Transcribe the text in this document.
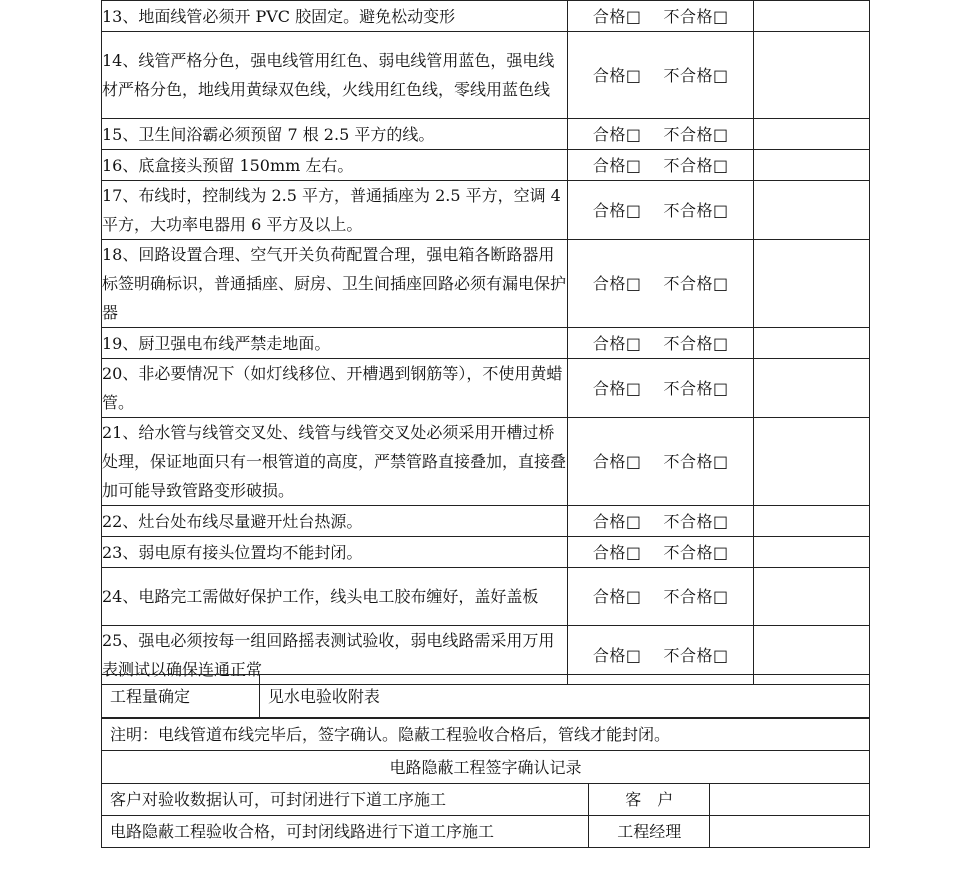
13、地面线管必须开 PVC 胶固定。避免松动变形	合格□ 不合格□	
14、线管严格分色，强电线管用红色、弱电线管用蓝色，强电线材严格分色，地线用黄绿双色线，火线用红色线，零线用蓝色线	合格□ 不合格□	
15、卫生间浴霸必须预留 7 根 2.5 平方的线。	合格□ 不合格□	
16、底盒接头预留 150mm 左右。	合格□ 不合格□	
17、布线时，控制线为 2.5 平方，普通插座为 2.5 平方，空调 4 平方，大功率电器用 6 平方及以上。	合格□ 不合格□	
18、回路设置合理、空气开关负荷配置合理，强电箱各断路器用标签明确标识，普通插座、厨房、卫生间插座回路必须有漏电保护器	合格□ 不合格□	
19、厨卫强电布线严禁走地面。	合格□ 不合格□	
20、非必要情况下（如灯线移位、开槽遇到钢筋等），不使用黄蜡管。	合格□ 不合格□	
21、给水管与线管交叉处、线管与线管交叉处必须采用开槽过桥处理，保证地面只有一根管道的高度，严禁管路直接叠加，直接叠加可能导致管路变形破损。	合格□ 不合格□	
22、灶台处布线尽量避开灶台热源。	合格□ 不合格□	
23、弱电原有接头位置均不能封闭。	合格□ 不合格□	
24、电路完工需做好保护工作，线头电工胶布缠好，盖好盖板	合格□ 不合格□	
25、强电必须按每一组回路摇表测试验收，弱电线路需采用万用表测试以确保连通正常	合格□ 不合格□	
工程量确定	见水电验收附表
注明：电线管道布线完毕后，签字确认。隐蔽工程验收合格后，管线才能封闭。		
电路隐蔽工程签字确认记录		
客户对验收数据认可，可封闭进行下道工序施工	客　户	
电路隐蔽工程验收合格，可封闭线路进行下道工序施工	工程经理	
